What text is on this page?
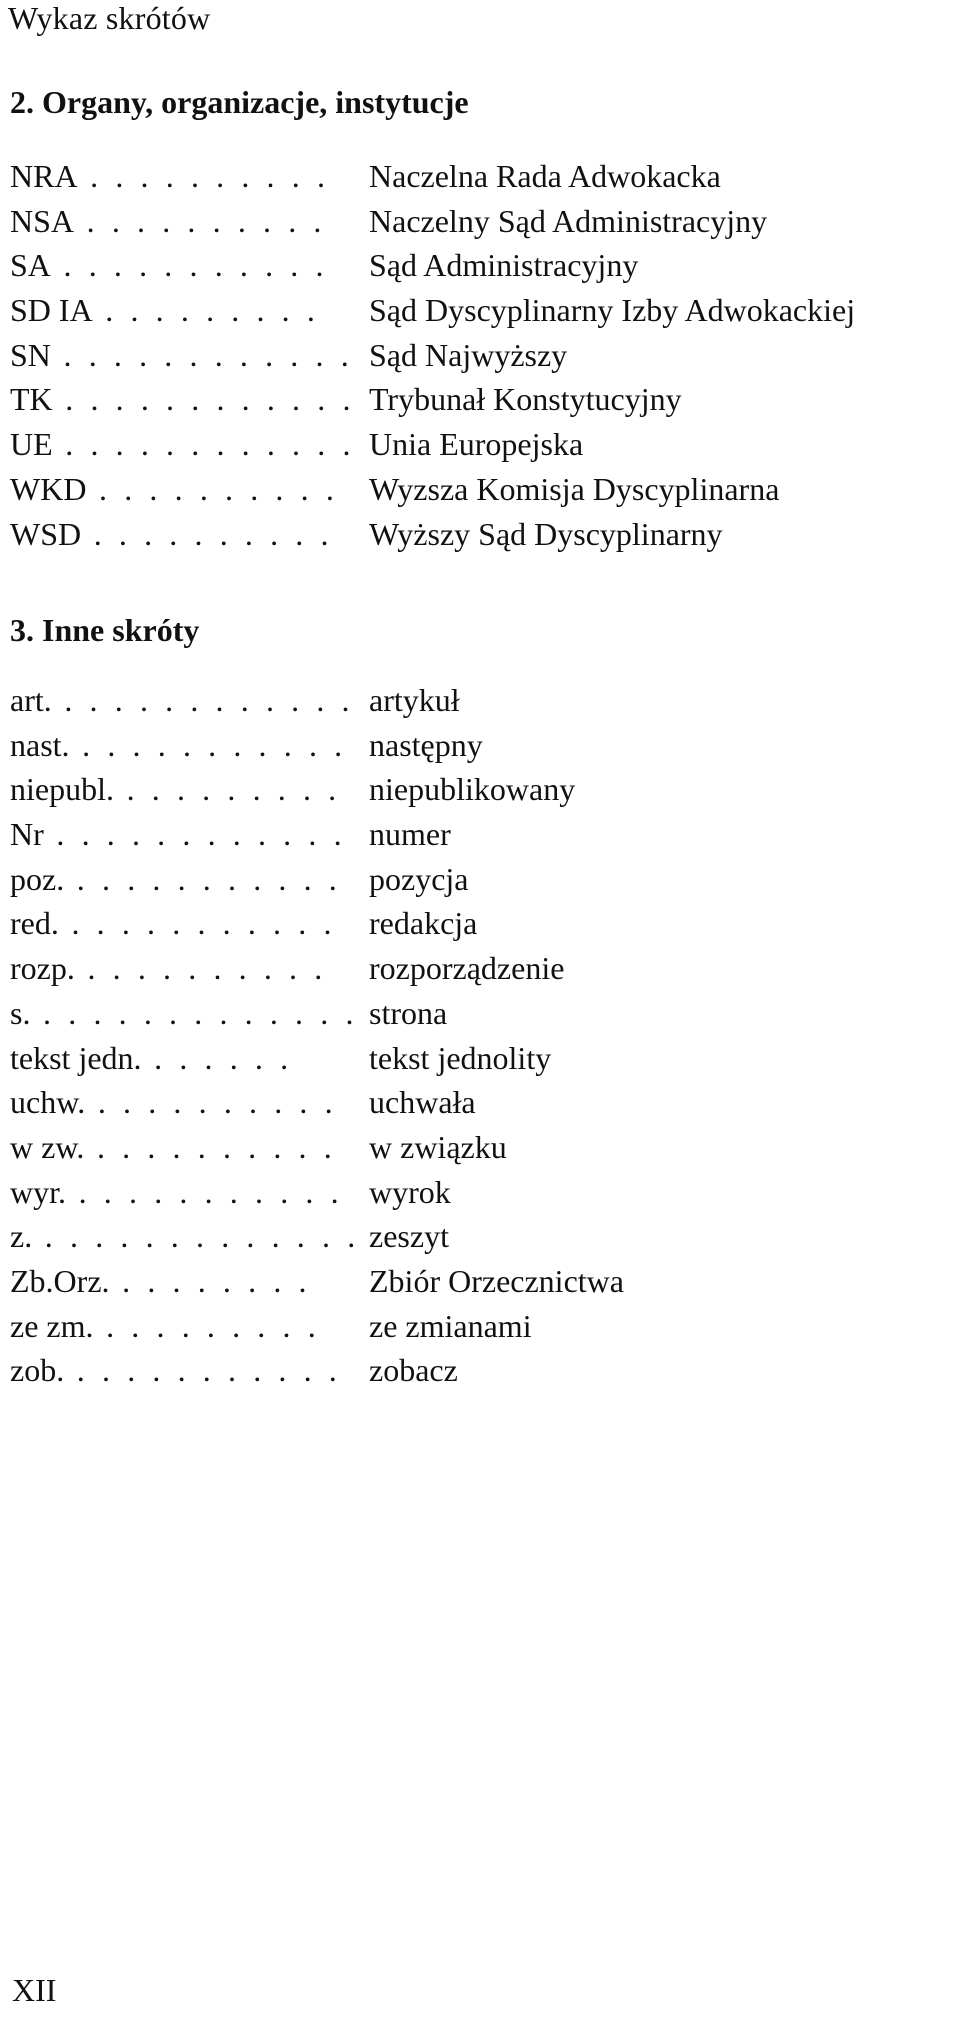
Wykaz skrótów
2. Organy, organizacje, instytucje
NRA . . . . . . . . . . Naczelna Rada Adwokacka
NSA . . . . . . . . . . Naczelny Sąd Administracyjny
SA . . . . . . . . . . . Sąd Administracyjny
SD IA . . . . . . . . . Sąd Dyscyplinarny Izby Adwokackiej
SN . . . . . . . . . . . . Sąd Najwyższy
TK . . . . . . . . . . . . Trybunał Konstytucyjny
UE . . . . . . . . . . . . Unia Europejska
WKD . . . . . . . . . . Wyzsza Komisja Dyscyplinarna
WSD . . . . . . . . . . Wyższy Sąd Dyscyplinarny
3. Inne skróty
art. . . . . . . . . . . . . artykuł
nast. . . . . . . . . . . . następny
niepubl. . . . . . . . . . niepublikowany
Nr . . . . . . . . . . . . numer
poz. . . . . . . . . . . . pozycja
red. . . . . . . . . . . . redakcja
rozp. . . . . . . . . . . rozporządzenie
s. . . . . . . . . . . . . . strona
tekst jedn. . . . . . .	tekst jednolity
uchw. . . . . . . . . . . uchwała
w zw. . . . . . . . . . . w związku
wyr. . . . . . . . . . . . wyrok
z. . . . . . . . . . . . . . zeszyt
Zb.Orz. . . . . . . . . Zbiór Orzecznictwa
ze zm. . . . . . . . . . ze zmianami
zob. . . . . . . . . . . . zobacz
XII
